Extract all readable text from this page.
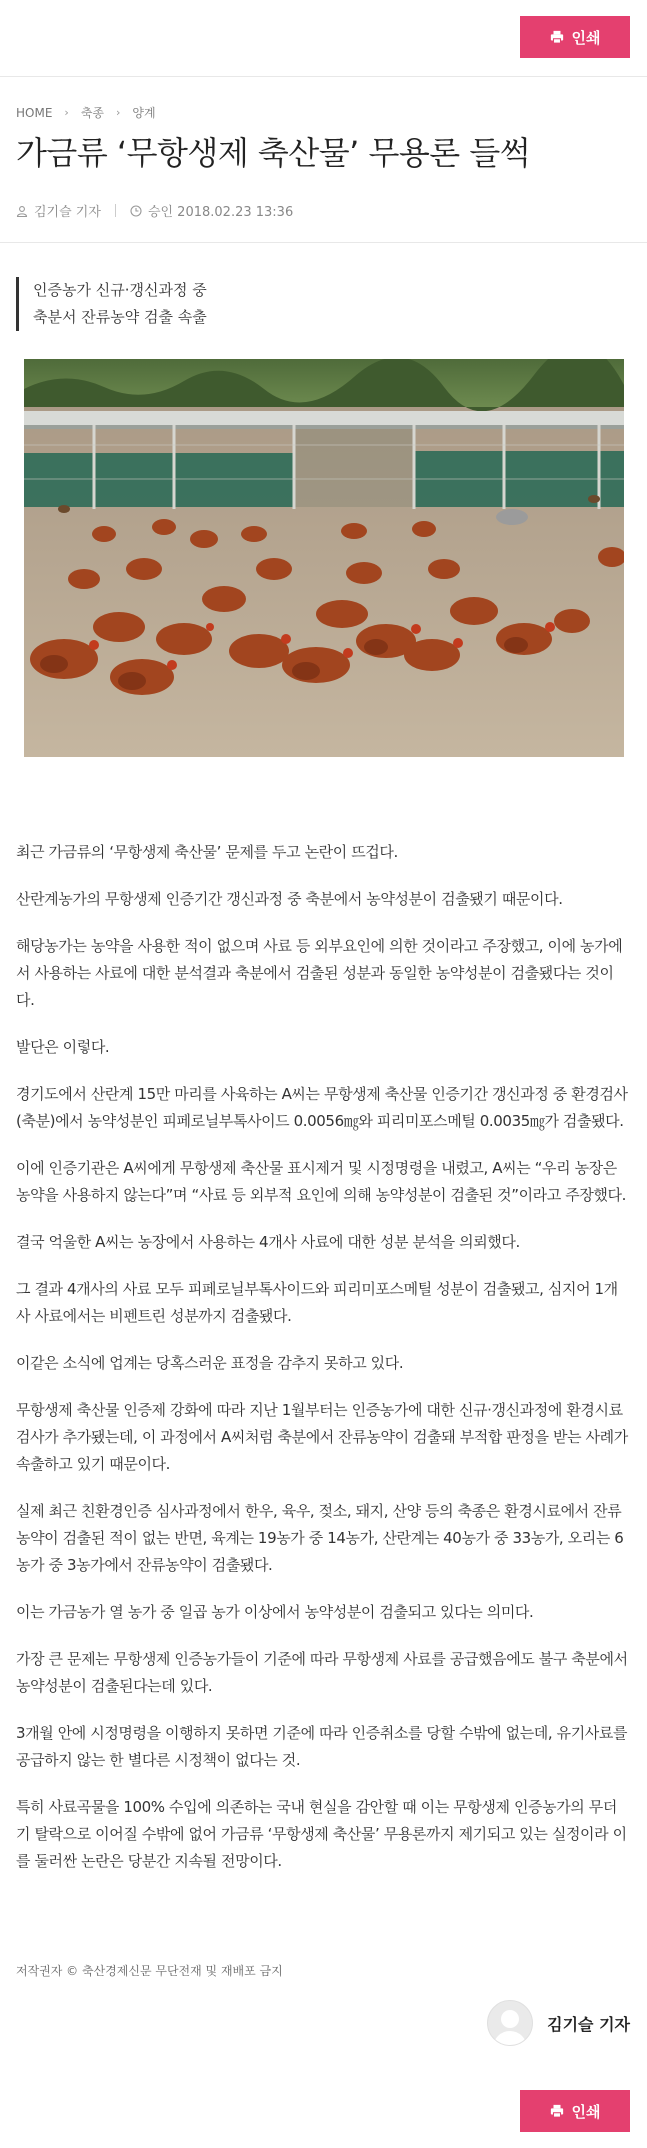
인쇄
HOME › 축종 › 양계
가금류 ‘무항생제 축산물’ 무용론 들썩
김기슬 기자	승인 2018.02.23 13:36
인증농가 신규·갱신과정 중
축분서 잔류농약 검출 속출

최근 가금류의 ‘무항생제 축산물’ 문제를 두고 논란이 뜨겁다.

산란계농가의 무항생제 인증기간 갱신과정 중 축분에서 농약성분이 검출됐기 때문이다.

해당농가는 농약을 사용한 적이 없으며 사료 등 외부요인에 의한 것이라고 주장했고, 이에 농가에서 사용하는 사료에 대한 분석결과 축분에서 검출된 성분과 동일한 농약성분이 검출됐다는 것이다.

발단은 이렇다.

경기도에서 산란계 15만 마리를 사육하는 A씨는 무항생제 축산물 인증기간 갱신과정 중 환경검사(축분)에서 농약성분인 피페로닐부톡사이드 0.0056㎎와 피리미포스메틸 0.0035㎎가 검출됐다.

이에 인증기관은 A씨에게 무항생제 축산물 표시제거 및 시정명령을 내렸고, A씨는 “우리 농장은 농약을 사용하지 않는다”며 “사료 등 외부적 요인에 의해 농약성분이 검출된 것”이라고 주장했다.

결국 억울한 A씨는 농장에서 사용하는 4개사 사료에 대한 성분 분석을 의뢰했다.

그 결과 4개사의 사료 모두 피페로닐부톡사이드와 피리미포스메틸 성분이 검출됐고, 심지어 1개사 사료에서는 비펜트린 성분까지 검출됐다.

이같은 소식에 업계는 당혹스러운 표정을 감추지 못하고 있다.

무항생제 축산물 인증제 강화에 따라 지난 1월부터는 인증농가에 대한 신규·갱신과정에 환경시료 검사가 추가됐는데, 이 과정에서 A씨처럼 축분에서 잔류농약이 검출돼 부적합 판정을 받는 사례가 속출하고 있기 때문이다.

실제 최근 친환경인증 심사과정에서 한우, 육우, 젖소, 돼지, 산양 등의 축종은 환경시료에서 잔류농약이 검출된 적이 없는 반면, 육계는 19농가 중 14농가, 산란계는 40농가 중 33농가, 오리는 6농가 중 3농가에서 잔류농약이 검출됐다.

이는 가금농가 열 농가 중 일곱 농가 이상에서 농약성분이 검출되고 있다는 의미다.

가장 큰 문제는 무항생제 인증농가들이 기준에 따라 무항생제 사료를 공급했음에도 불구 축분에서 농약성분이 검출된다는데 있다.

3개월 안에 시정명령을 이행하지 못하면 기준에 따라 인증취소를 당할 수밖에 없는데, 유기사료를 공급하지 않는 한 별다른 시정책이 없다는 것.

특히 사료곡물을 100% 수입에 의존하는 국내 현실을 감안할 때 이는 무항생제 인증농가의 무더기 탈락으로 이어질 수밖에 없어 가금류 ‘무항생제 축산물’ 무용론까지 제기되고 있는 실정이라 이를 둘러싼 논란은 당분간 지속될 전망이다.

저작권자 © 축산경제신문 무단전재 및 재배포 금지
김기슬 기자
인쇄
